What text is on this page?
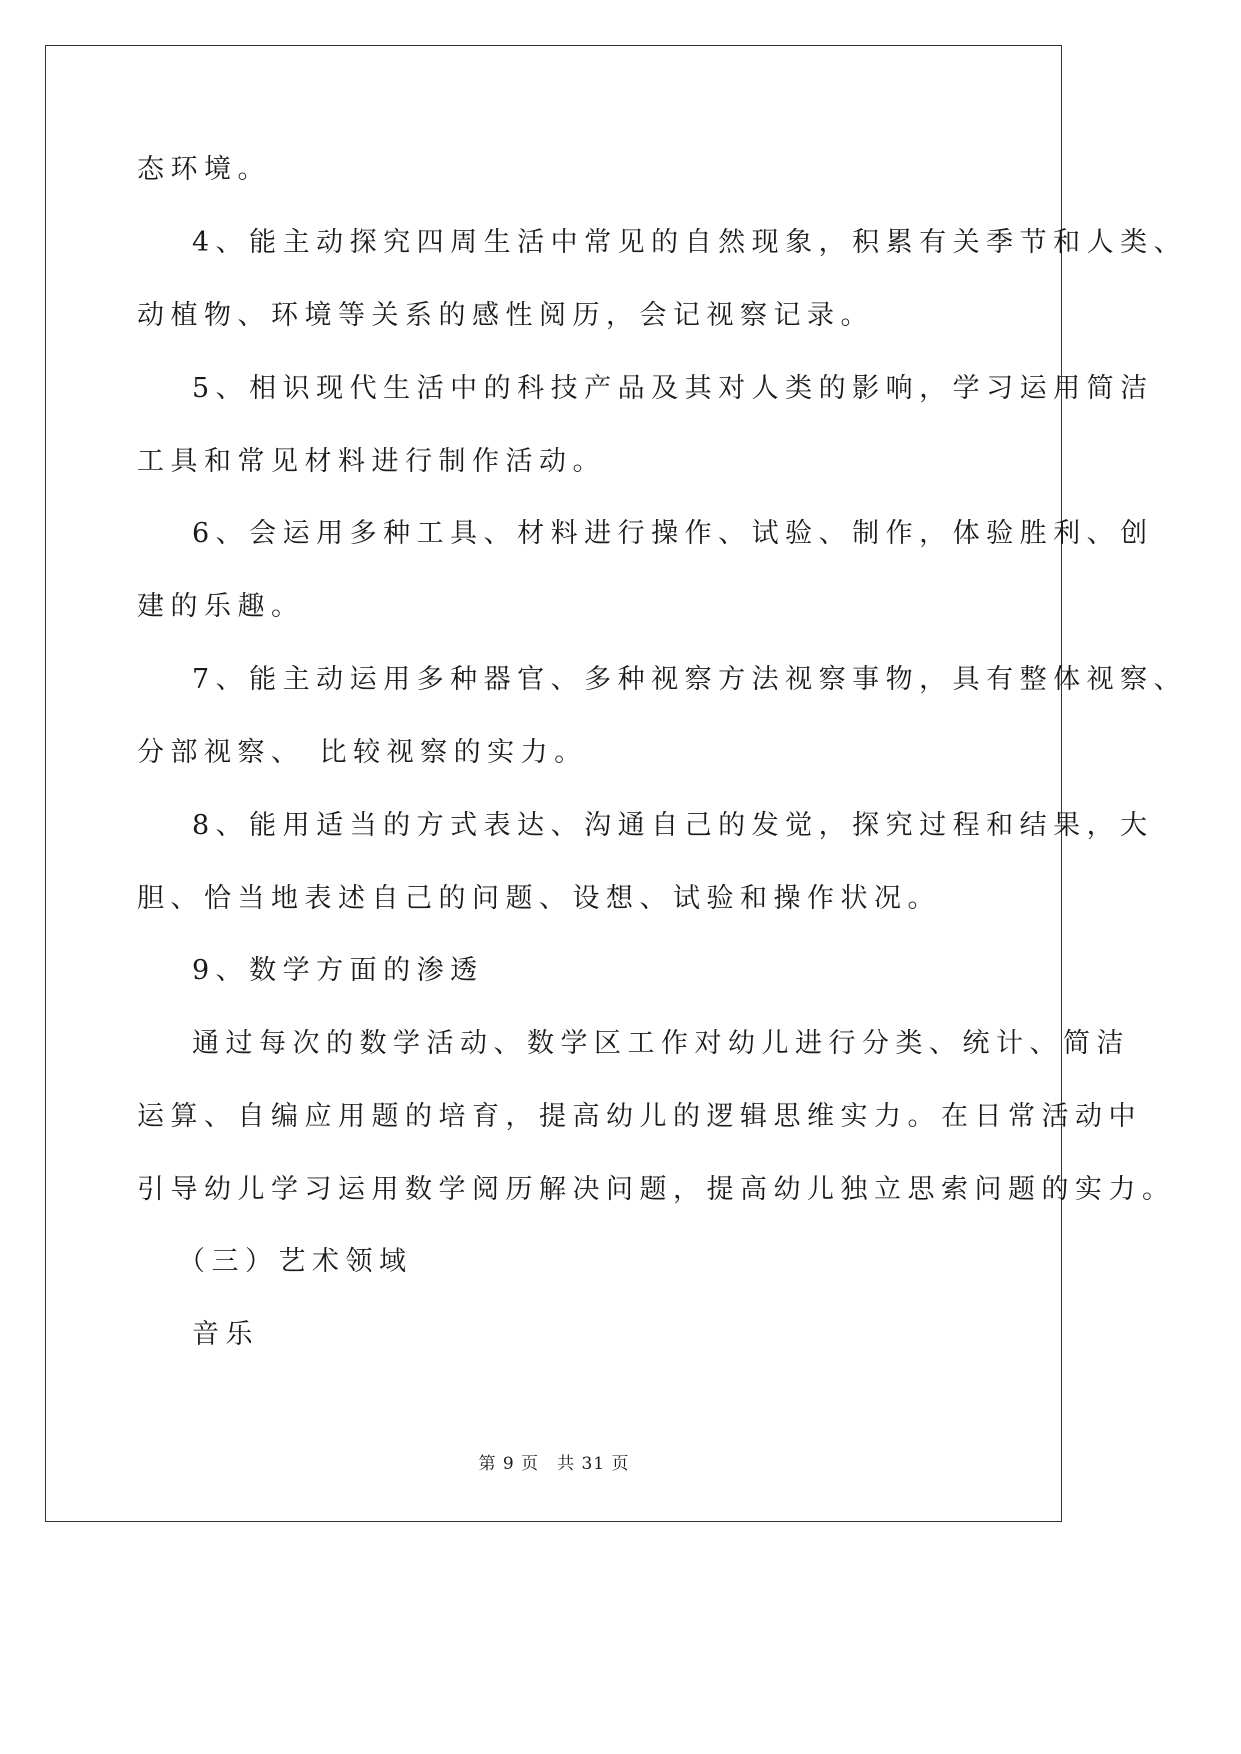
态环境。
4、能主动探究四周生活中常见的自然现象，积累有关季节和人类、
动植物、环境等关系的感性阅历，会记视察记录。
5、相识现代生活中的科技产品及其对人类的影响，学习运用简洁
工具和常见材料进行制作活动。
6、会运用多种工具、材料进行操作、试验、制作，体验胜利、创
建的乐趣。
7、能主动运用多种器官、多种视察方法视察事物，具有整体视察、
分部视察、 比较视察的实力。
8、能用适当的方式表达、沟通自己的发觉，探究过程和结果，大
胆、恰当地表述自己的问题、设想、试验和操作状况。
9、数学方面的渗透
通过每次的数学活动、数学区工作对幼儿进行分类、统计、简洁
运算、自编应用题的培育，提高幼儿的逻辑思维实力。在日常活动中
引导幼儿学习运用数学阅历解决问题，提高幼儿独立思索问题的实力。
（三）艺术领域
音乐
第 9 页 共 31 页
